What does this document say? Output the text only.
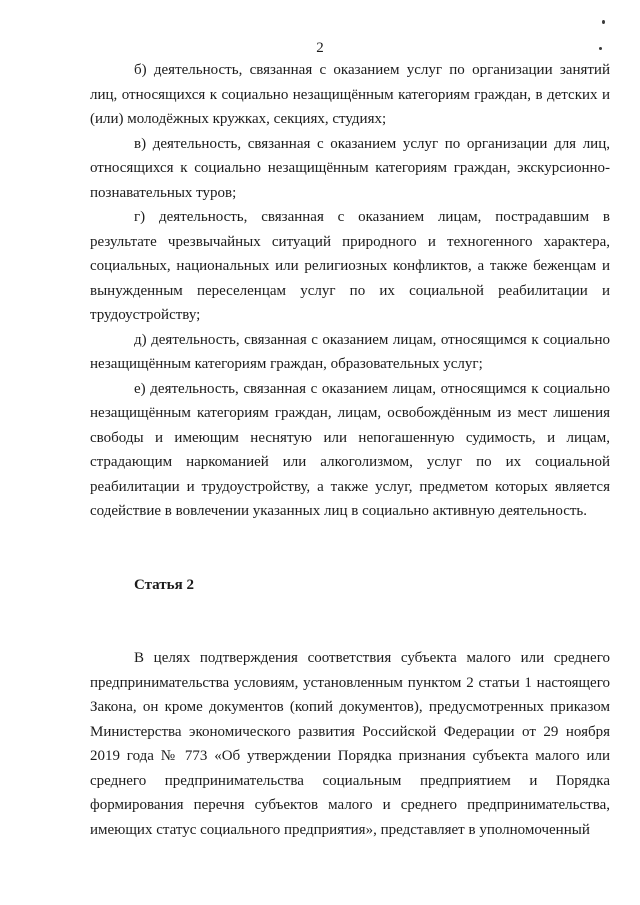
2

б) деятельность, связанная с оказанием услуг по организации занятий лиц, относящихся к социально незащищённым категориям граждан, в детских и (или) молодёжных кружках, секциях, студиях;

в) деятельность, связанная с оказанием услуг по организации для лиц, относящихся к социально незащищённым категориям граждан, экскурсионно-познавательных туров;

г) деятельность, связанная с оказанием лицам, пострадавшим в результате чрезвычайных ситуаций природного и техногенного характера, социальных, национальных или религиозных конфликтов, а также беженцам и вынужденным переселенцам услуг по их социальной реабилитации и трудоустройству;

д) деятельность, связанная с оказанием лицам, относящимся к социально незащищённым категориям граждан, образовательных услуг;

е) деятельность, связанная с оказанием лицам, относящимся к социально незащищённым категориям граждан, лицам, освобождённым из мест лишения свободы и имеющим неснятую или непогашенную судимость, и лицам, страдающим наркоманией или алкоголизмом, услуг по их социальной реабилитации и трудоустройству, а также услуг, предметом которых является содействие в вовлечении указанных лиц в социально активную деятельность.

Статья 2

В целях подтверждения соответствия субъекта малого или среднего предпринимательства условиям, установленным пунктом 2 статьи 1 настоящего Закона, он кроме документов (копий документов), предусмотренных приказом Министерства экономического развития Российской Федерации от 29 ноября 2019 года № 773 «Об утверждении Порядка признания субъекта малого или среднего предпринимательства социальным предприятием и Порядка формирования перечня субъектов малого и среднего предпринимательства, имеющих статус социального предприятия», представляет в уполномоченный
